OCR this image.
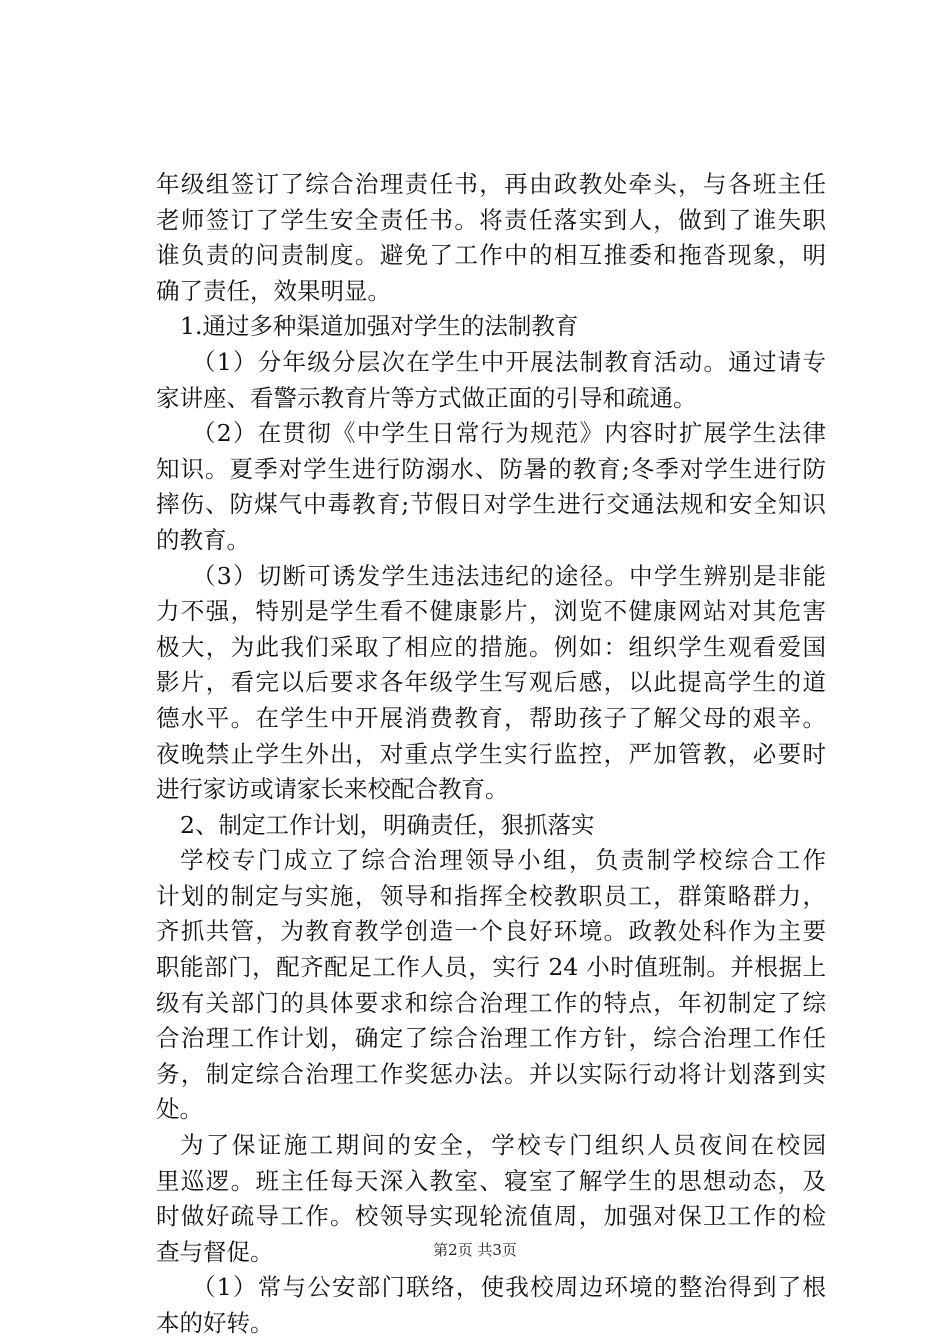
年级组签订了综合治理责任书，再由政教处牵头，与各班主任
老师签订了学生安全责任书。将责任落实到人，做到了谁失职
谁负责的问责制度。避免了工作中的相互推委和拖沓现象，明
确了责任，效果明显。
1.通过多种渠道加强对学生的法制教育
（1）分年级分层次在学生中开展法制教育活动。通过请专
家讲座、看警示教育片等方式做正面的引导和疏通。
（2）在贯彻《中学生日常行为规范》内容时扩展学生法律
知识。夏季对学生进行防溺水、防暑的教育;冬季对学生进行防
摔伤、防煤气中毒教育;节假日对学生进行交通法规和安全知识
的教育。
（3）切断可诱发学生违法违纪的途径。中学生辨别是非能
力不强，特别是学生看不健康影片，浏览不健康网站对其危害
极大，为此我们采取了相应的措施。例如：组织学生观看爱国
影片，看完以后要求各年级学生写观后感，以此提高学生的道
德水平。在学生中开展消费教育，帮助孩子了解父母的艰辛。
夜晚禁止学生外出，对重点学生实行监控，严加管教，必要时
进行家访或请家长来校配合教育。
2、制定工作计划，明确责任，狠抓落实
学校专门成立了综合治理领导小组，负责制学校综合工作
计划的制定与实施，领导和指挥全校教职员工，群策略群力，
齐抓共管，为教育教学创造一个良好环境。政教处科作为主要
职能部门，配齐配足工作人员，实行 24 小时值班制。并根据上
级有关部门的具体要求和综合治理工作的特点，年初制定了综
合治理工作计划，确定了综合治理工作方针，综合治理工作任
务，制定综合治理工作奖惩办法。并以实际行动将计划落到实
处。
为了保证施工期间的安全，学校专门组织人员夜间在校园
里巡逻。班主任每天深入教室、寝室了解学生的思想动态，及
时做好疏导工作。校领导实现轮流值周，加强对保卫工作的检
查与督促。
（1）常与公安部门联络，使我校周边环境的整治得到了根
本的好转。
第2页 共3页
